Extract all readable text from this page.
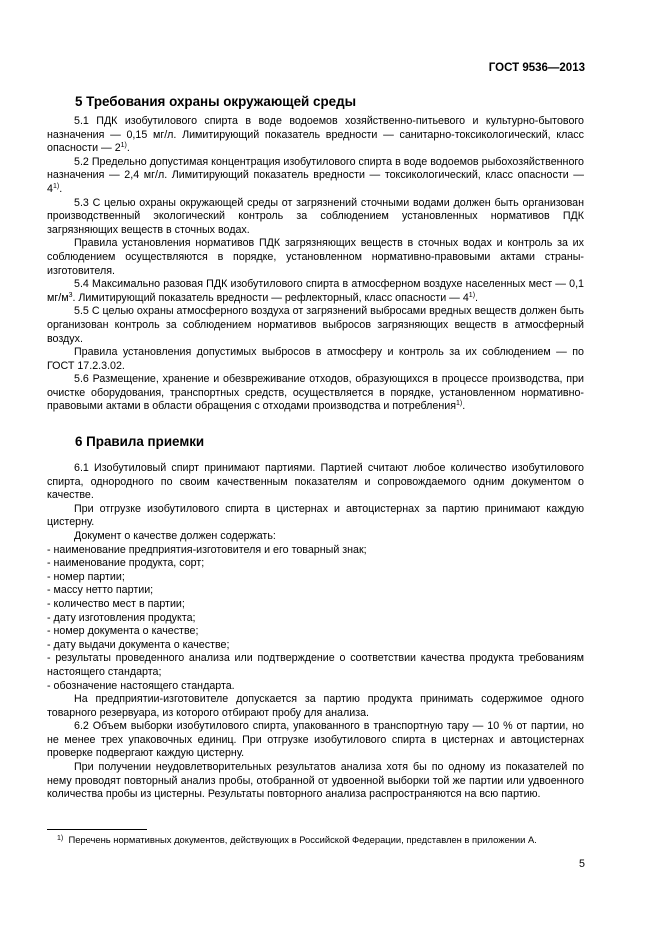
ГОСТ 9536—2013
5 Требования охраны окружающей среды

5.1 ПДК изобутилового спирта в воде водоемов хозяйственно-питьевого и культурно-бытового назначения — 0,15 мг/л. Лимитирующий показатель вредности — санитарно-токсикологический, класс опасности — 2$^{1)}$.

5.2 Предельно допустимая концентрация изобутилового спирта в воде водоемов рыбохозяйственного назначения — 2,4 мг/л. Лимитирующий показатель вредности — токсикологический, класс опасности — 4$^{1)}$.

5.3 С целью охраны окружающей среды от загрязнений сточными водами должен быть организован производственный экологический контроль за соблюдением установленных нормативов ПДК загрязняющих веществ в сточных водах.

Правила установления нормативов ПДК загрязняющих веществ в сточных водах и контроль за их соблюдением осуществляются в порядке, установленном нормативно-правовыми актами страны-изготовителя.

5.4 Максимально разовая ПДК изобутилового спирта в атмосферном воздухе населенных мест — 0,1 $мг/м^3$. Лимитирующий показатель вредности — рефлекторный, класс опасности — 4$^{1)}$.

5.5 С целью охраны атмосферного воздуха от загрязнений выбросами вредных веществ должен быть организован контроль за соблюдением нормативов выбросов загрязняющих веществ в атмосферный воздух.

Правила установления допустимых выбросов в атмосферу и контроль за их соблюдением — по ГОСТ 17.2.3.02.

5.6 Размещение, хранение и обезвреживание отходов, образующихся в процессе производства, при очистке оборудования, транспортных средств, осуществляется в порядке, установленном нормативно-правовыми актами в области обращения с отходами производства и потребления$^{1)}$.

6 Правила приемки

6.1 Изобутиловый спирт принимают партиями. Партией считают любое количество изобутилового спирта, однородного по своим качественным показателям и сопровождаемого одним документом о качестве.

При отгрузке изобутилового спирта в цистернах и автоцистернах за партию принимают каждую цистерну.

Документ о качестве должен содержать:

- наименование предприятия-изготовителя и его товарный знак;

- наименование продукта, сорт;

- номер партии;

- массу нетто партии;

- количество мест в партии;

- дату изготовления продукта;

- номер документа о качестве;

- дату выдачи документа о качестве;

- результаты проведенного анализа или подтверждение о соответствии качества продукта требованиям настоящего стандарта;

- обозначение настоящего стандарта.

На предприятии-изготовителе допускается за партию продукта принимать содержимое одного товарного резервуара, из которого отбирают пробу для анализа.

6.2 Объем выборки изобутилового спирта, упакованного в транспортную тару — 10 % от партии, но не менее трех упаковочных единиц. При отгрузке изобутилового спирта в цистернах и автоцистернах проверке подвергают каждую цистерну.

При получении неудовлетворительных результатов анализа хотя бы по одному из показателей по нему проводят повторный анализ пробы, отобранной от удвоенной выборки той же партии или удвоенного количества пробы из цистерны. Результаты повторного анализа распространяются на всю партию.

$^{1)}$ Перечень нормативных документов, действующих в Российской Федерации, представлен в приложении А.
5
